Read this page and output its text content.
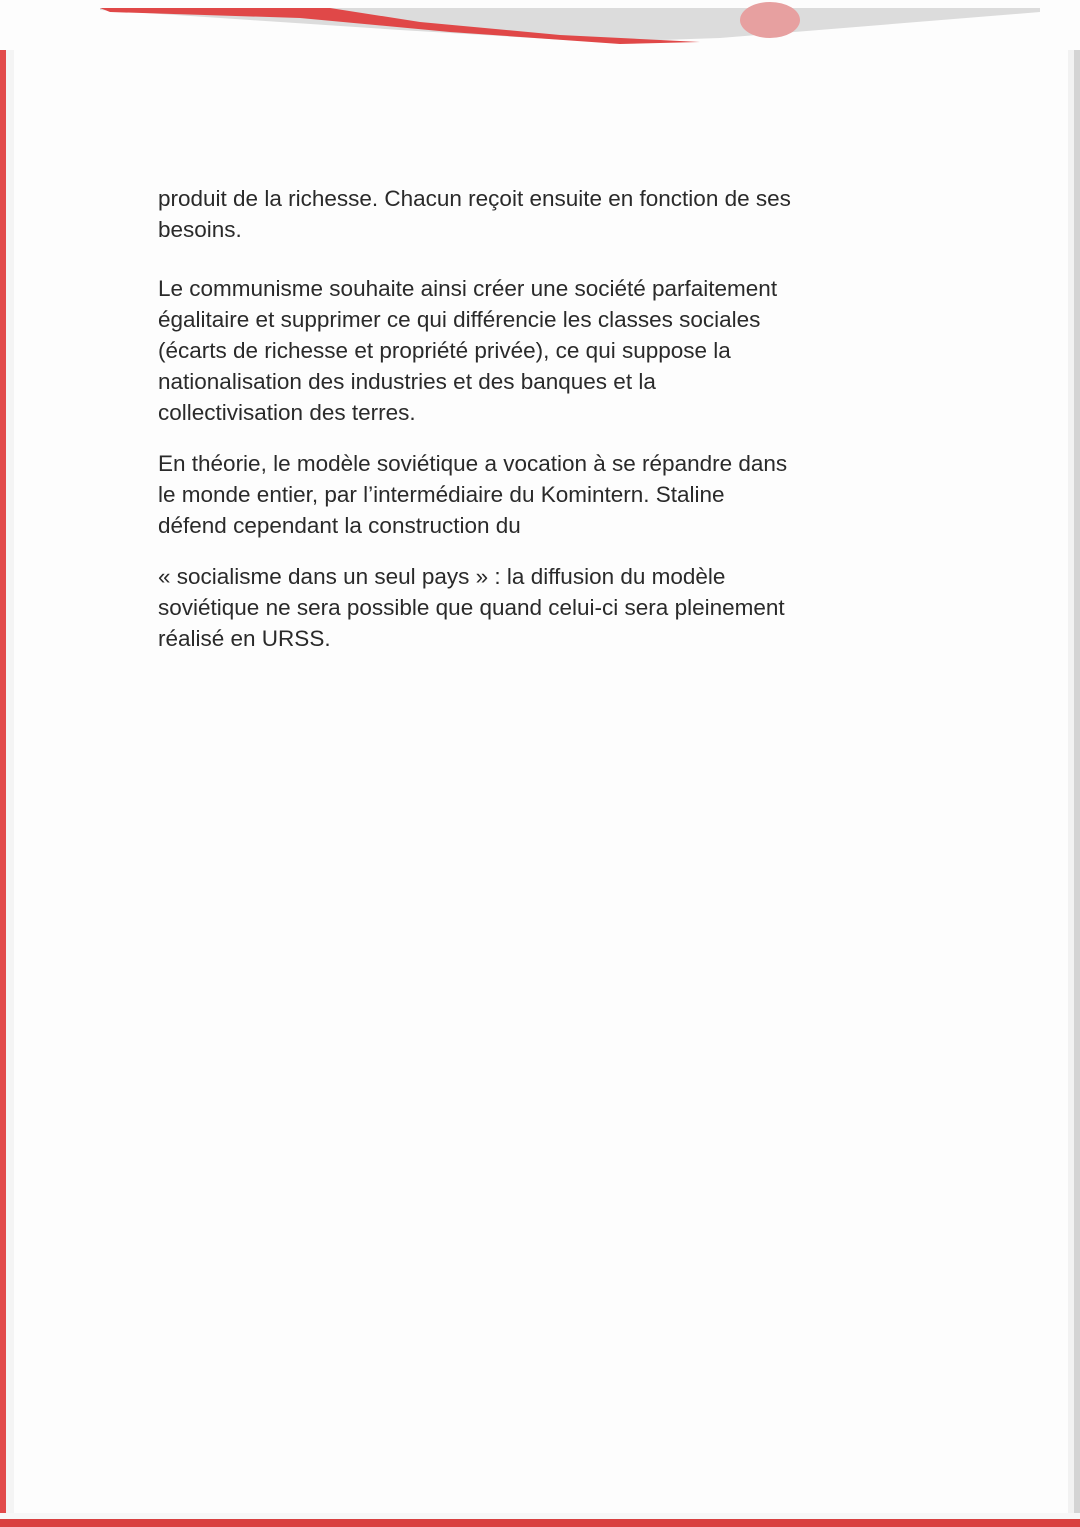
produit de la richesse. Chacun reçoit ensuite en fonction de ses
besoins.

Le communisme souhaite ainsi créer une société parfaitement
égalitaire et supprimer ce qui différencie les classes sociales
(écarts de richesse et propriété privée), ce qui suppose la
nationalisation des industries et des banques et la
collectivisation des terres.

En théorie, le modèle soviétique a vocation à se répandre dans
le monde entier, par l’intermédiaire du Komintern. Staline
défend cependant la construction du

« socialisme dans un seul pays » : la diffusion du modèle
soviétique ne sera possible que quand celui-ci sera pleinement
réalisé en URSS.
